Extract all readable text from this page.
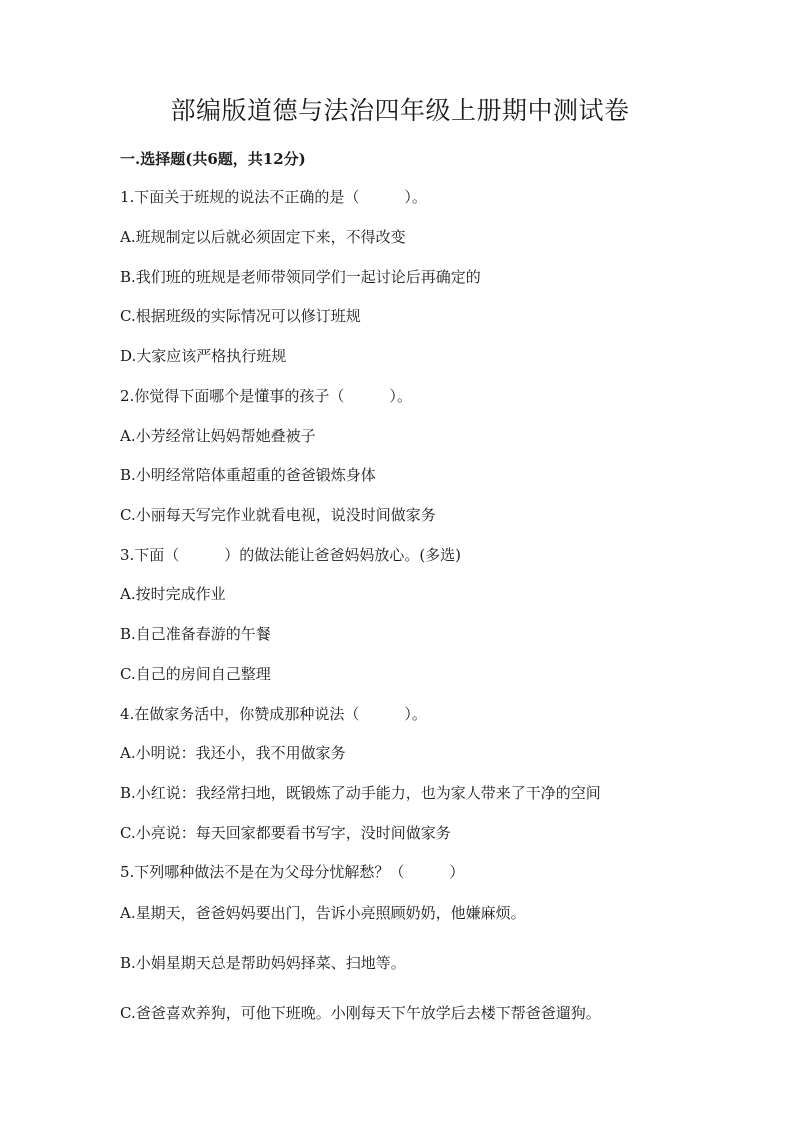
部编版道德与法治四年级上册期中测试卷
一.选择题(共6题，共12分)

1.下面关于班规的说法不正确的是（　　　）。

A.班规制定以后就必须固定下来，不得改变

B.我们班的班规是老师带领同学们一起讨论后再确定的

C.根据班级的实际情况可以修订班规

D.大家应该严格执行班规

2.你觉得下面哪个是懂事的孩子（　　　）。

A.小芳经常让妈妈帮她叠被子

B.小明经常陪体重超重的爸爸锻炼身体

C.小丽每天写完作业就看电视，说没时间做家务

3.下面（　　　）的做法能让爸爸妈妈放心。(多选)

A.按时完成作业

B.自己准备春游的午餐

C.自己的房间自己整理

4.在做家务活中，你赞成那种说法（　　　）。

A.小明说：我还小，我不用做家务

B.小红说：我经常扫地，既锻炼了动手能力，也为家人带来了干净的空间

C.小亮说：每天回家都要看书写字，没时间做家务

5.下列哪种做法不是在为父母分忧解愁？（　　　）

A.星期天，爸爸妈妈要出门，告诉小亮照顾奶奶，他嫌麻烦。

B.小娟星期天总是帮助妈妈择菜、扫地等。

C.爸爸喜欢养狗，可他下班晚。小刚每天下午放学后去楼下帮爸爸遛狗。
